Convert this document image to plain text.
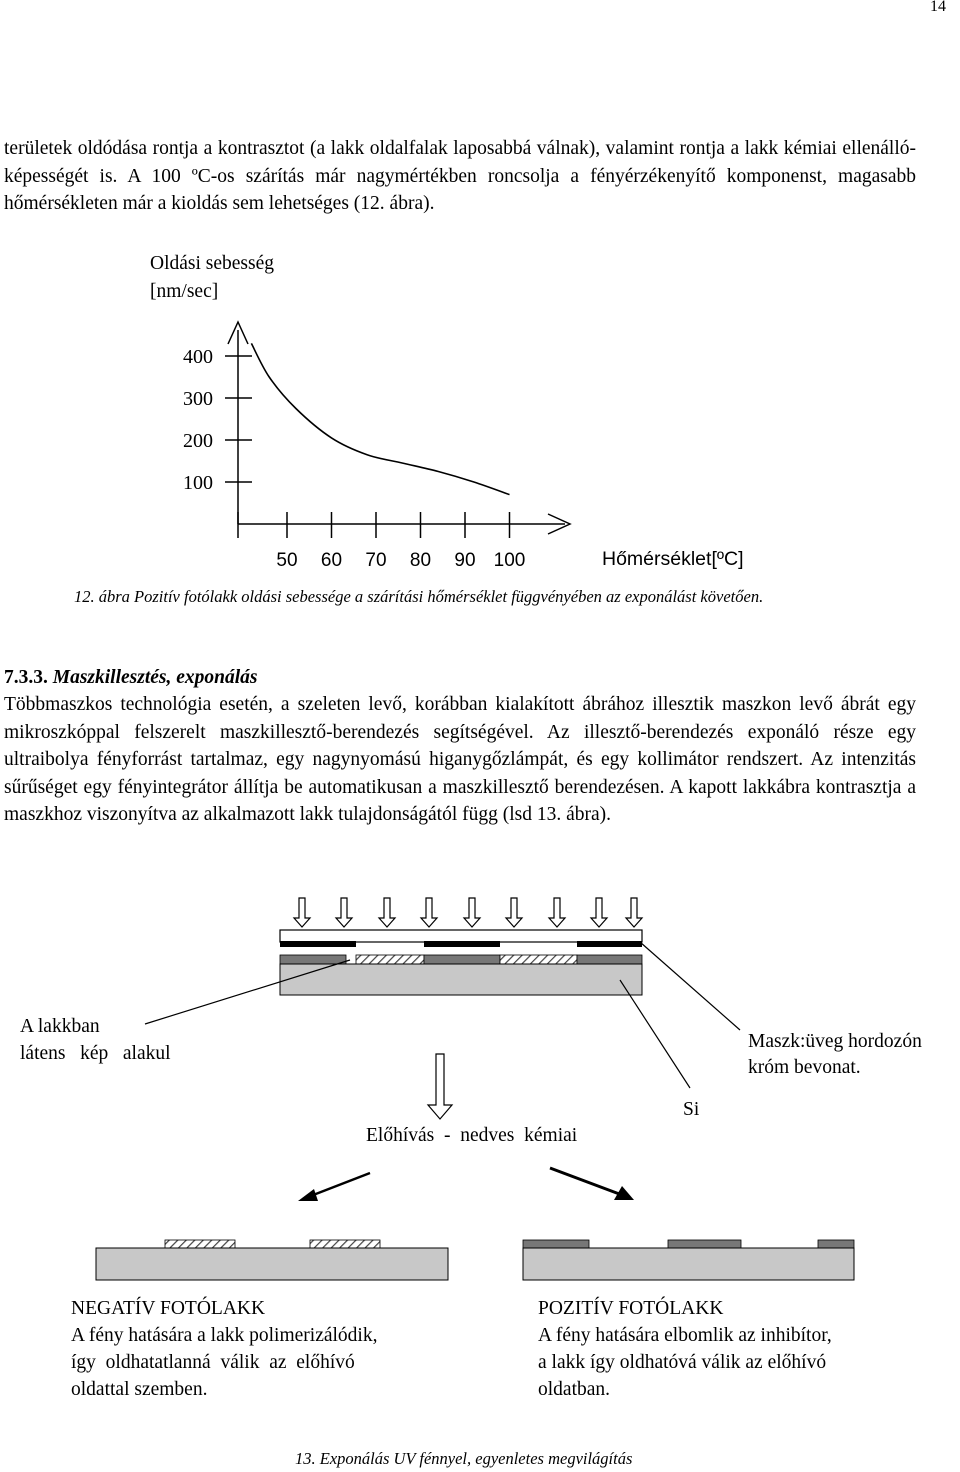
14
területek oldódása rontja a kontrasztot (a lakk oldalfalak laposabbá válnak), valamint rontja a lakk kémiai ellenálló-képességét is. A 100 ºC-os szárítás már nagymértékben roncsolja a fényérzékenyítő komponenst, magasabb hőmérsékleten már a kioldás sem lehetséges (12. ábra).
Oldási sebesség
[nm/sec]
400
300
200
100
50 60 70 80 90 100	Hőmérséklet[ºC]
12. ábra Pozitív fotólakk oldási sebessége a szárítási hőmérséklet függvényében az exponálást követően.
7.3.3. Maszkillesztés, exponálás
Többmaszkos technológia esetén, a szeleten levő, korábban kialakított ábrához illesztik maszkon levő ábrát egy mikroszkóppal felszerelt maszkillesztő-berendezés segítségével. Az illesztő-berendezés exponáló része egy ultraibolya fényforrást tartalmaz, egy nagynyomású higanygőzlámpát, és egy kollimátor rendszert. Az intenzitás sűrűséget egy fényintegrátor állítja be automatikusan a maszkillesztő berendezésen. A kapott lakkábra kontrasztja a maszkhoz viszonyítva az alkalmazott lakk tulajdonságától függ (lsd 13. ábra).
A lakkban
látens   kép   alakul
Maszk:üveg hordozón
króm bevonat.
Si
Előhívás  -  nedves  kémiai
NEGATÍV FOTÓLAKK
A fény hatására a lakk polimerizálódik,
így  oldhatatlanná  válik  az  előhívó
oldattal szemben.
POZITÍV FOTÓLAKK
A fény hatására elbomlik az inhibítor,
a lakk így oldhatóvá válik az előhívó
oldatban.
13. Exponálás UV fénnyel, egyenletes megvilágítás
